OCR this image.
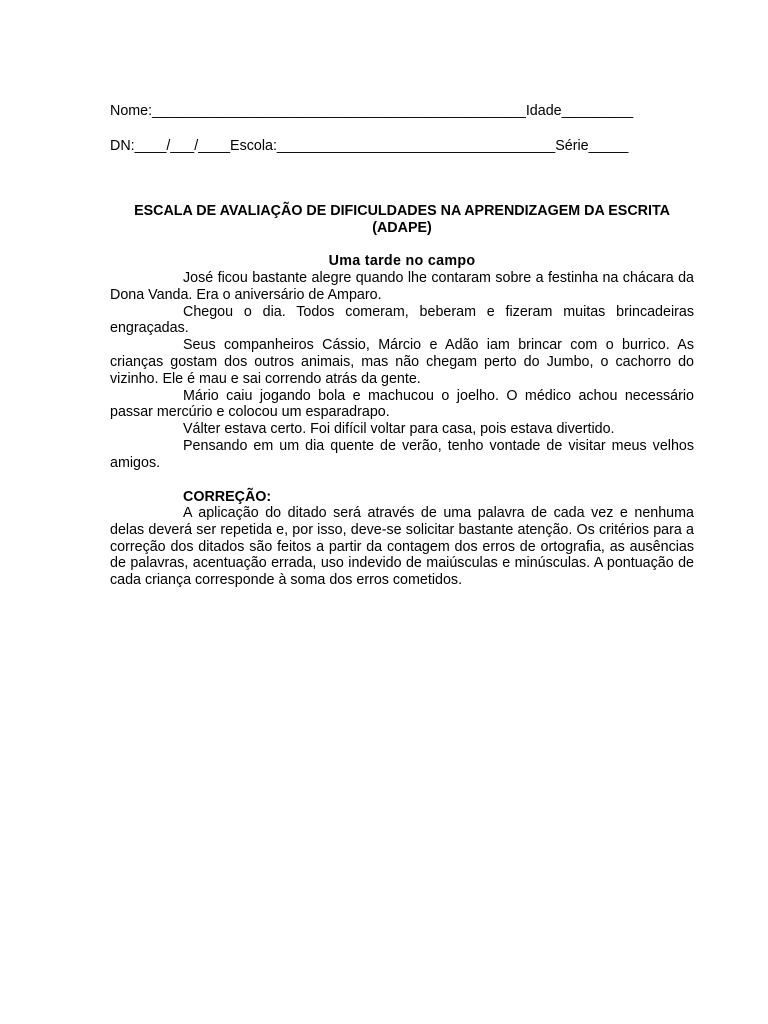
Nome:_______________________________________________Idade_________
DN:____/___/____Escola:___________________________________Série_____
ESCALA DE AVALIAÇÃO DE DIFICULDADES NA APRENDIZAGEM DA ESCRITA (ADAPE)
Uma tarde no campo

José ficou bastante alegre quando lhe contaram sobre a festinha na chácara da Dona Vanda. Era o aniversário de Amparo.

Chegou o dia. Todos comeram, beberam e fizeram muitas brincadeiras engraçadas.

Seus companheiros Cássio, Márcio e Adão iam brincar com o burrico. As crianças gostam dos outros animais, mas não chegam perto do Jumbo, o cachorro do vizinho. Ele é mau e sai correndo atrás da gente.

Mário caiu jogando bola e machucou o joelho. O médico achou necessário passar mercúrio e colocou um esparadrapo.

Válter estava certo. Foi difícil voltar para casa, pois estava divertido.

Pensando em um dia quente de verão, tenho vontade de visitar meus velhos amigos.

CORREÇÃO:

A aplicação do ditado será através de uma palavra de cada vez e nenhuma delas deverá ser repetida e, por isso, deve-se solicitar bastante atenção. Os critérios para a correção dos ditados são feitos a partir da contagem dos erros de ortografia, as ausências de palavras, acentuação errada, uso indevido de maiúsculas e minúsculas. A pontuação de cada criança corresponde à soma dos erros cometidos.
